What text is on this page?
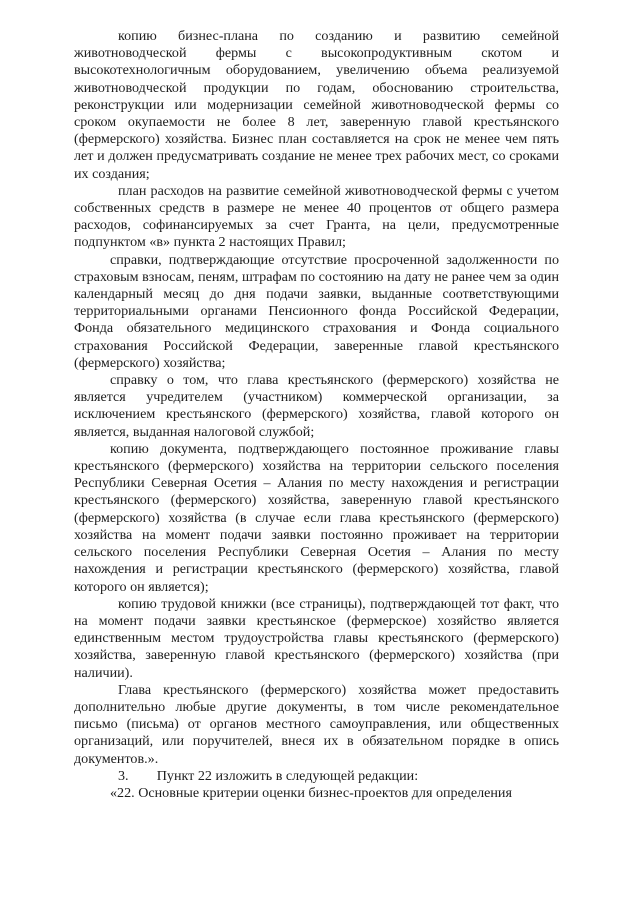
копию бизнес-плана по созданию и развитию семейной животноводческой фермы с высокопродуктивным скотом и высокотехнологичным оборудованием, увеличению объема реализуемой животноводческой продукции по годам, обоснованию строительства, реконструкции или модернизации семейной животноводческой фермы со сроком окупаемости не более 8 лет, заверенную главой крестьянского (фермерского) хозяйства. Бизнес план составляется на срок не менее чем пять лет и должен предусматривать создание не менее трех рабочих мест, со сроками их создания;

план расходов на развитие семейной животноводческой фермы с учетом собственных средств в размере не менее 40 процентов от общего размера расходов, софинансируемых за счет Гранта, на цели, предусмотренные подпунктом «в» пункта 2 настоящих Правил;

справки, подтверждающие отсутствие просроченной задолженности по страховым взносам, пеням, штрафам по состоянию на дату не ранее чем за один календарный месяц до дня подачи заявки, выданные соответствующими территориальными органами Пенсионного фонда Российской Федерации, Фонда обязательного медицинского страхования и Фонда социального страхования Российской Федерации, заверенные главой крестьянского (фермерского) хозяйства;

справку о том, что глава крестьянского (фермерского) хозяйства не является учредителем (участником) коммерческой организации, за исключением крестьянского (фермерского) хозяйства, главой которого он является, выданная налоговой службой;

копию документа, подтверждающего постоянное проживание главы крестьянского (фермерского) хозяйства на территории сельского поселения Республики Северная Осетия – Алания по месту нахождения и регистрации крестьянского (фермерского) хозяйства, заверенную главой крестьянского (фермерского) хозяйства (в случае если глава крестьянского (фермерского) хозяйства на момент подачи заявки постоянно проживает на территории сельского поселения Республики Северная Осетия – Алания по месту нахождения и регистрации крестьянского (фермерского) хозяйства, главой которого он является);

копию трудовой книжки (все страницы), подтверждающей тот факт, что на момент подачи заявки крестьянское (фермерское) хозяйство является единственным местом трудоустройства главы крестьянского (фермерского) хозяйства, заверенную главой крестьянского (фермерского) хозяйства (при наличии).

Глава крестьянского (фермерского) хозяйства может предоставить дополнительно любые другие документы, в том числе рекомендательное письмо (письма) от органов местного самоуправления, или общественных организаций, или поручителей, внеся их в обязательном порядке в опись документов.».

3.        Пункт 22 изложить в следующей редакции:

«22. Основные критерии оценки бизнес-проектов для определения
